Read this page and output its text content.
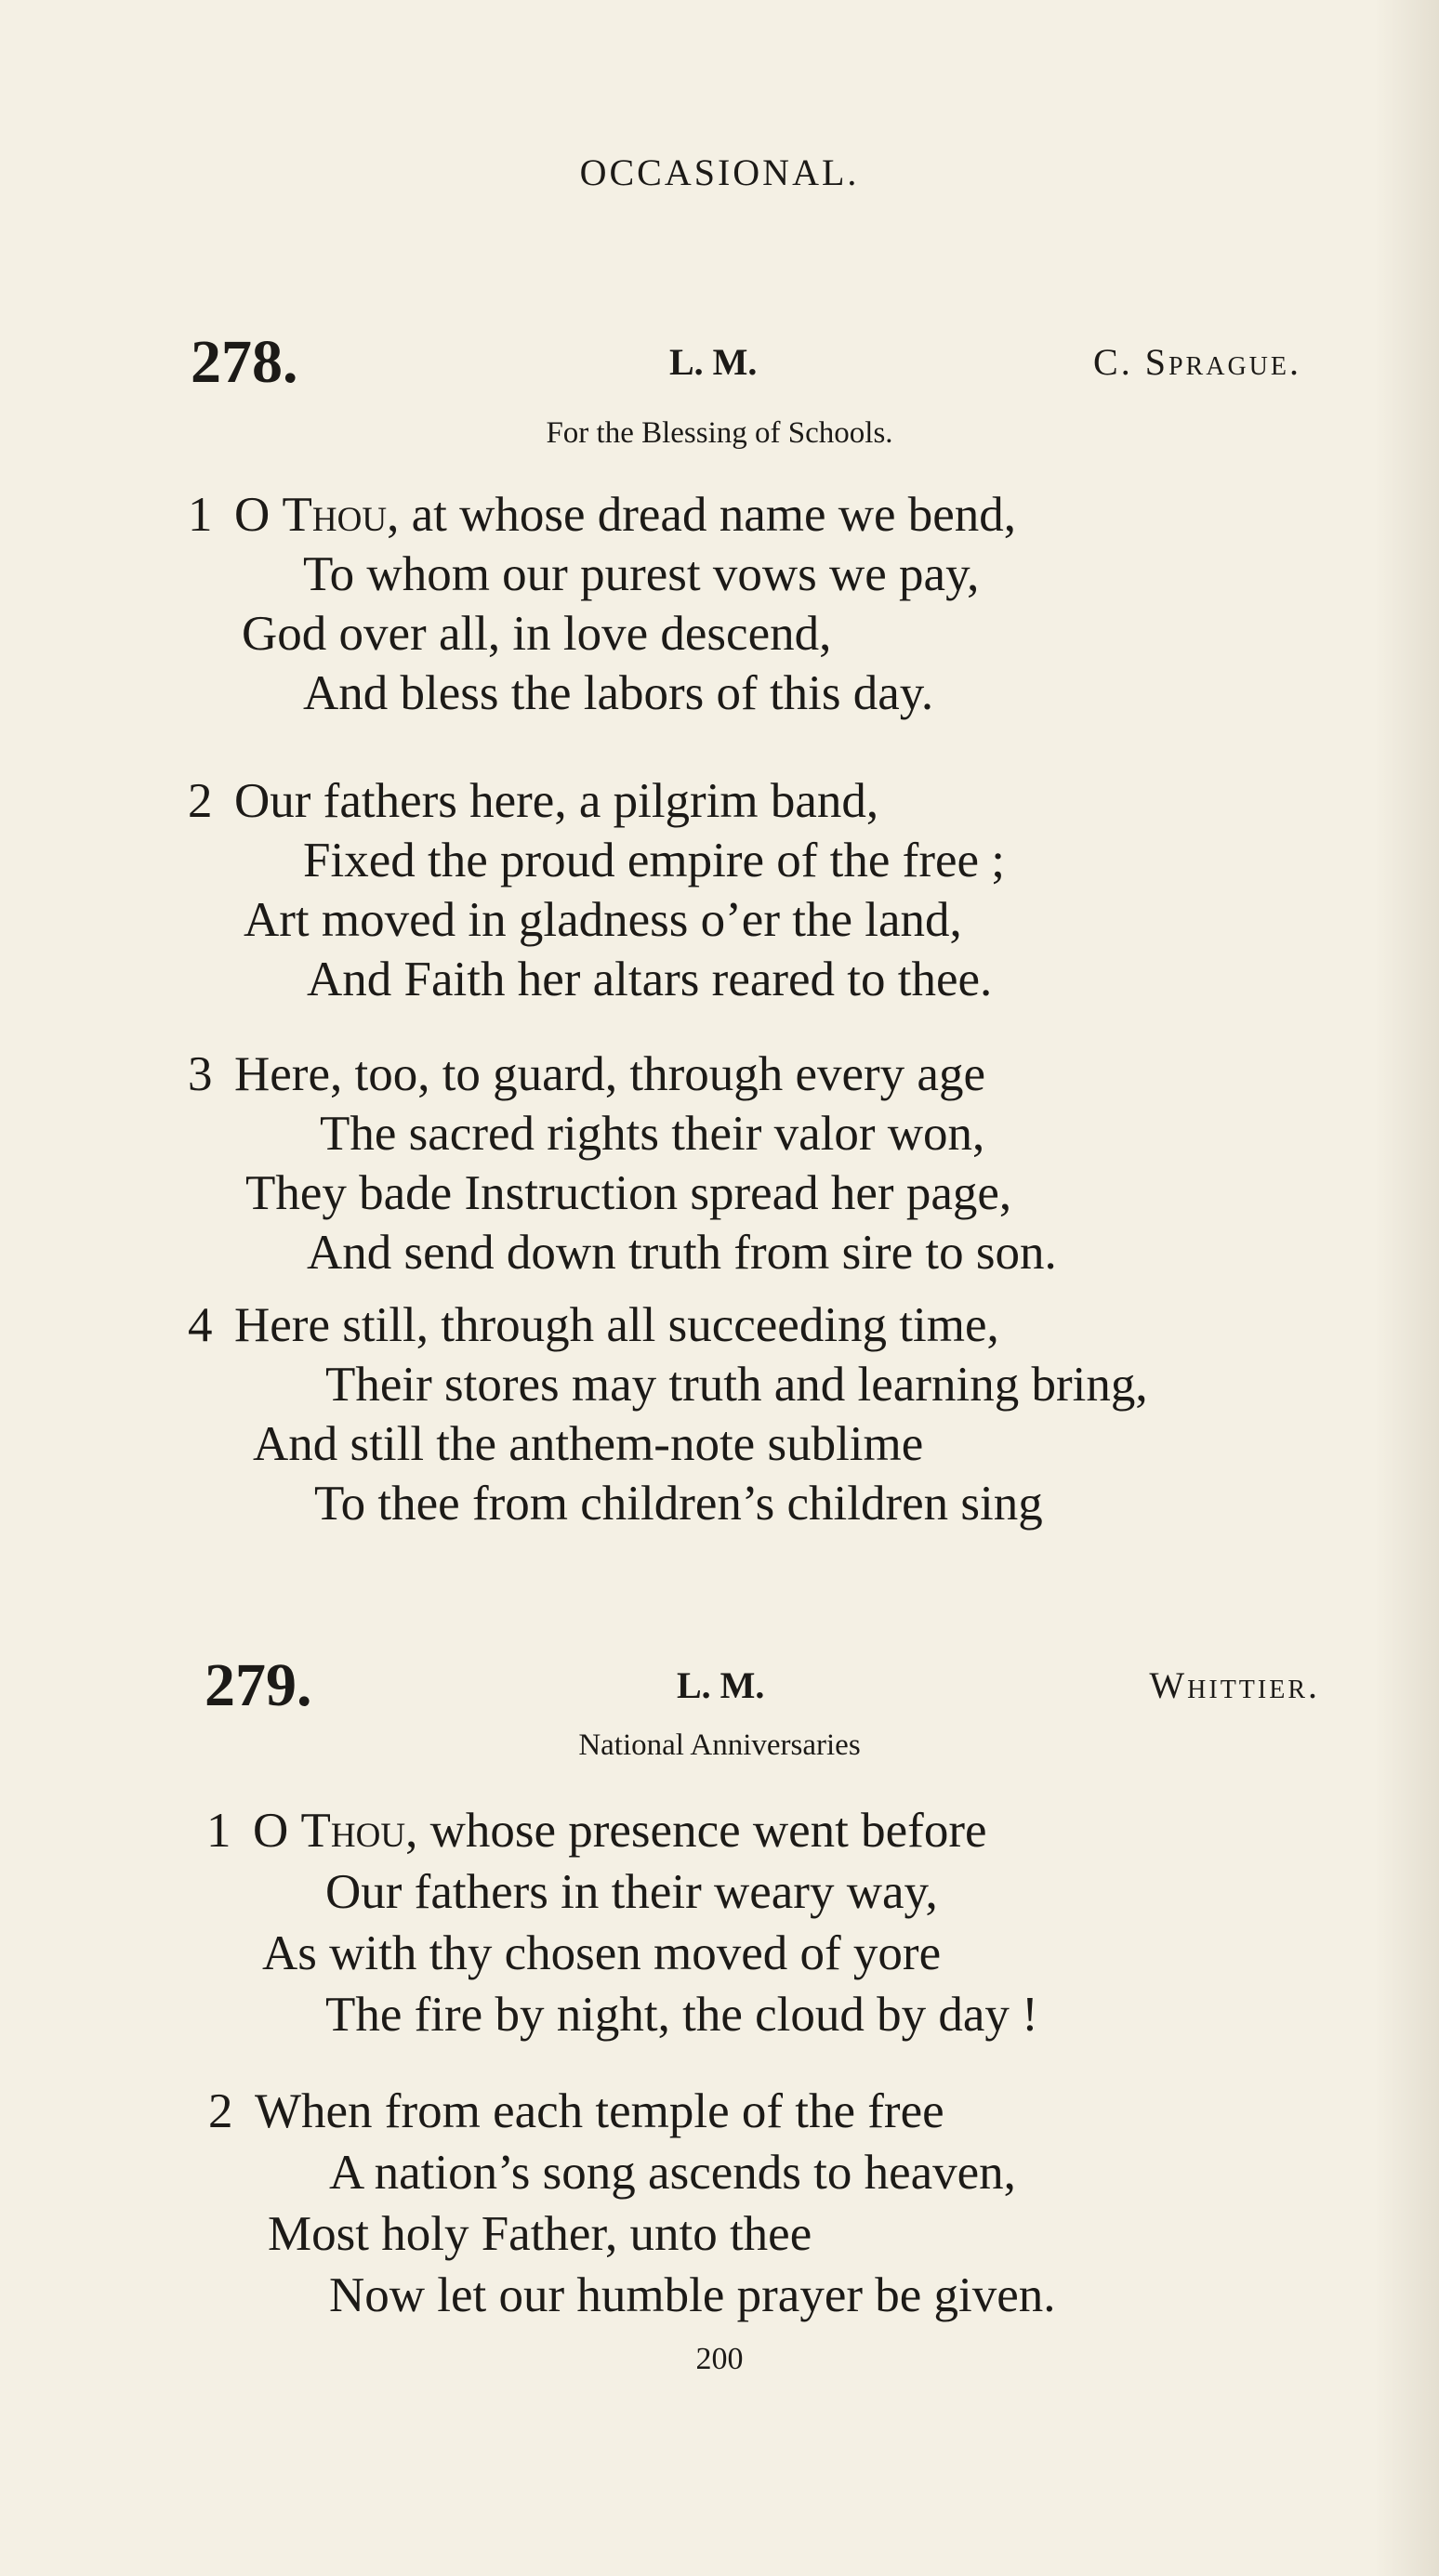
OCCASIONAL.
278.	L. M.	C. Sprague.
For the Blessing of Schools.
1 O Thou, at whose dread name we bend,
To whom our purest vows we pay,
God over all, in love descend,
And bless the labors of this day.
2 Our fathers here, a pilgrim band,
Fixed the proud empire of the free ;
Art moved in gladness o’er the land,
And Faith her altars reared to thee.
3 Here, too, to guard, through every age
The sacred rights their valor won,
They bade Instruction spread her page,
And send down truth from sire to son.
4 Here still, through all succeeding time,
Their stores may truth and learning bring,
And still the anthem-note sublime
To thee from children’s children sing
279.	L. M.	Whittier.
National Anniversaries
1 O Thou, whose presence went before
Our fathers in their weary way,
As with thy chosen moved of yore
The fire by night, the cloud by day !
2 When from each temple of the free
A nation’s song ascends to heaven,
Most holy Father, unto thee
Now let our humble prayer be given.
200
